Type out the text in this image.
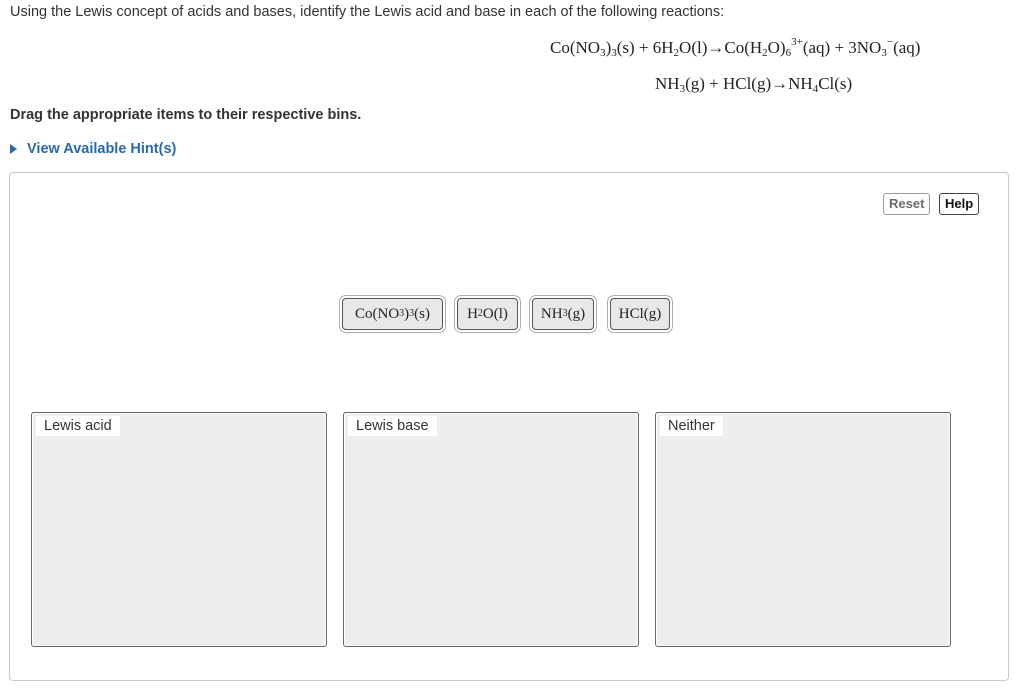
Using the Lewis concept of acids and bases, identify the Lewis acid and base in each of the following reactions:
$Co(NO_3)_3(s) + 6H_2O(l)\to Co(H_2O)_6^{3+}(aq) + 3NO_3^-(aq)$
$NH_3(g) + HCl(g)\to NH_4Cl(s)$
Drag the appropriate items to their respective bins.
View Available Hint(s)
Reset	Help
Co(NO 3 ) 3 (s) H 2 O(l) NH 3 (g) HCl(g)
Lewis acid	Lewis base	Neither
